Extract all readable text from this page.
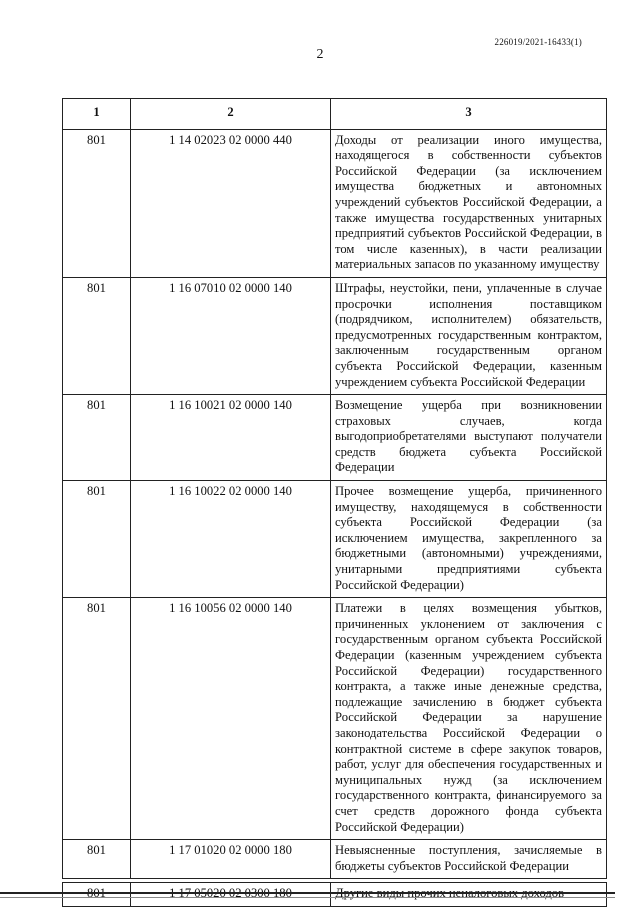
226019/2021-16433(1)
2
1	2	3
801	1 14 02023 02 0000 440	Доходы от реализации иного имущества, находящегося в собственности субъектов Российской Федерации (за исключением имущества бюджетных и автономных учреждений субъектов Российской Федерации, а также имущества государственных унитарных предприятий субъектов Российской Федерации, в том числе казенных), в части реализации материальных запасов по указанному имуществу
801	1 16 07010 02 0000 140	Штрафы, неустойки, пени, уплаченные в случае просрочки исполнения поставщиком (подрядчиком, исполнителем) обязательств, предусмотренных государственным контрактом, заключенным государственным органом субъекта Российской Федерации, казенным учреждением субъекта Российской Федерации
801	1 16 10021 02 0000 140	Возмещение ущерба при возникновении страховых случаев, когда выгодоприобретателями выступают получатели средств бюджета субъекта Российской Федерации
801	1 16 10022 02 0000 140	Прочее возмещение ущерба, причиненного имуществу, находящемуся в собственности субъекта Российской Федерации (за исключением имущества, закрепленного за бюджетными (автономными) учреждениями, унитарными предприятиями субъекта Российской Федерации)
801	1 16 10056 02 0000 140	Платежи в целях возмещения убытков, причиненных уклонением от заключения с государственным органом субъекта Российской Федерации (казенным учреждением субъекта Российской Федерации) государственного контракта, а также иные денежные средства, подлежащие зачислению в бюджет субъекта Российской Федерации за нарушение законодательства Российской Федерации о контрактной системе в сфере закупок товаров, работ, услуг для обеспечения государственных и муниципальных нужд (за исключением государственного контракта, финансируемого за счет средств дорожного фонда субъекта Российской Федерации)
801	1 17 01020 02 0000 180	Невыясненные поступления, зачисляемые в бюджеты субъектов Российской Федерации
